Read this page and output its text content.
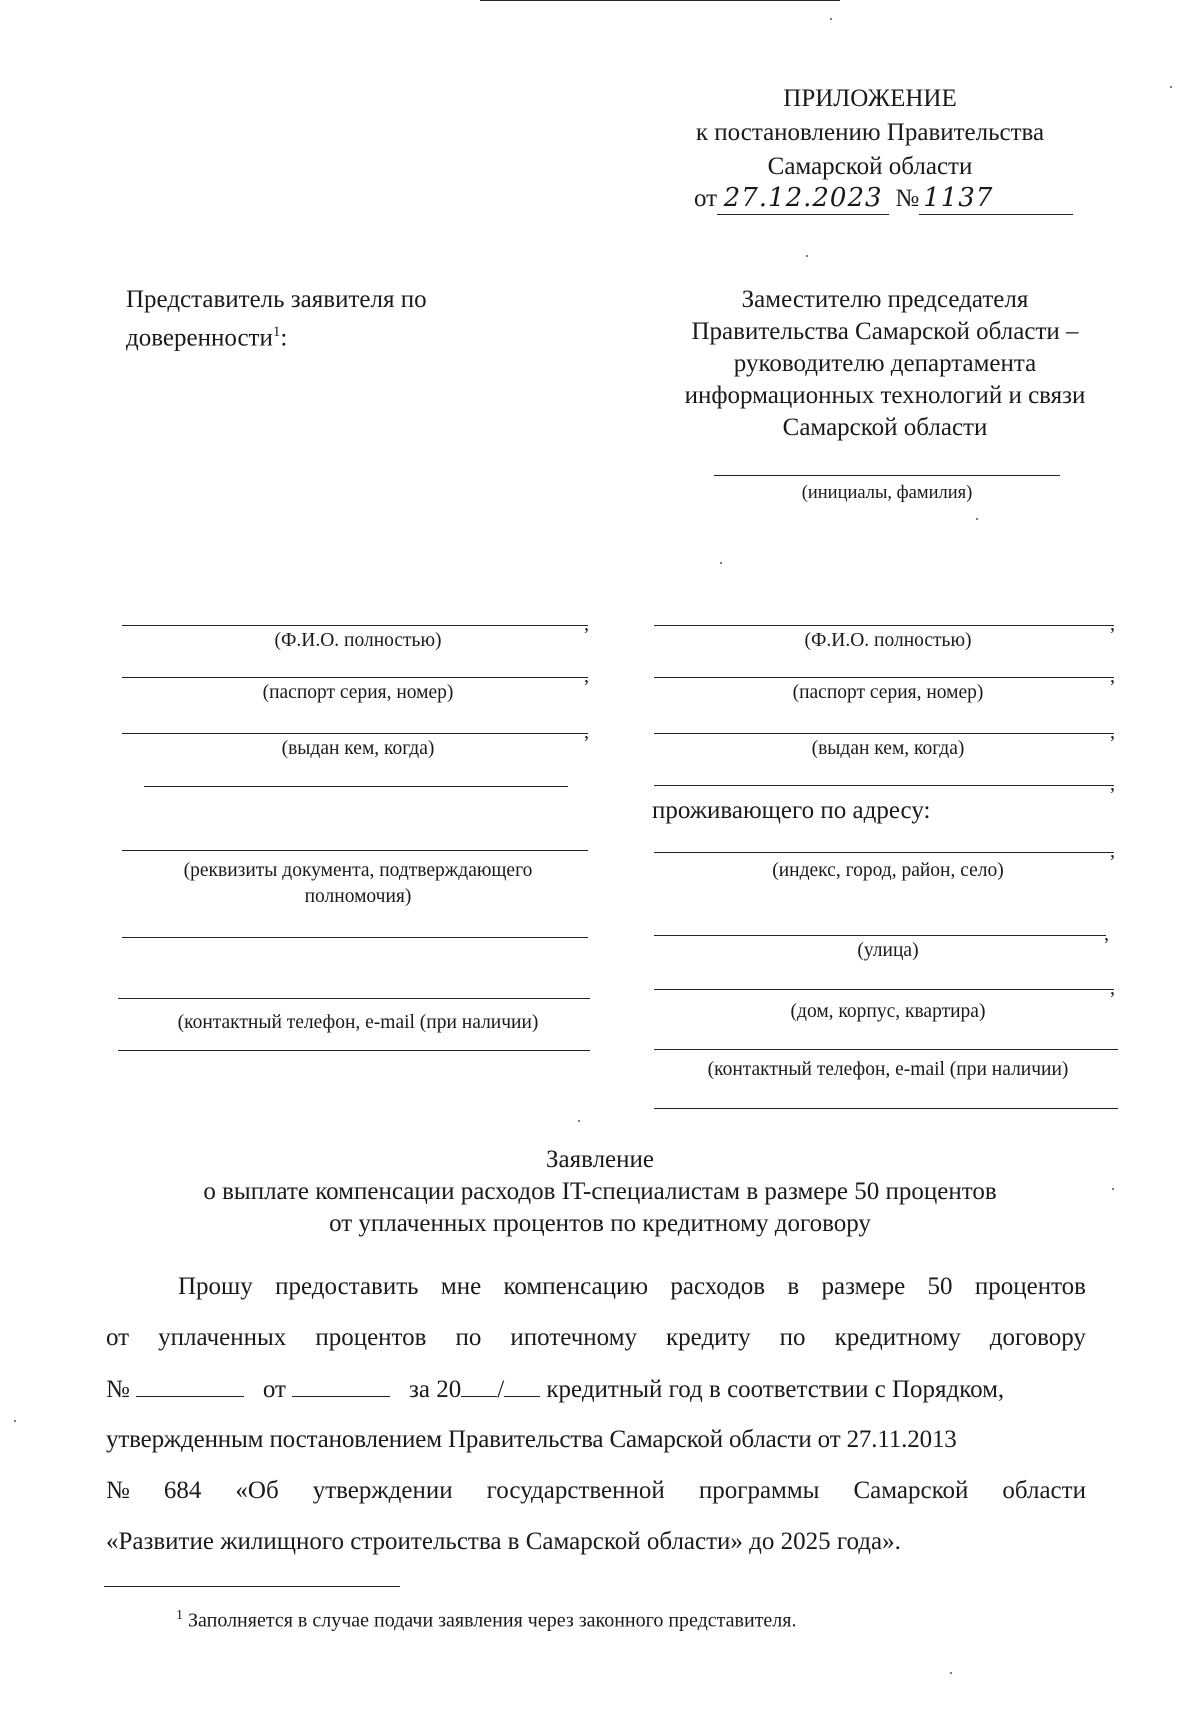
ПРИЛОЖЕНИЕ
к постановлению Правительства
Самарской области
от 27.12.2023 № 1137
Представитель заявителя по
доверенности$^1$:
Заместителю председателя
Правительства Самарской области –
руководителю департамента
информационных технологий и связи
Самарской области
(инициалы, фамилия)
,
(Ф.И.О. полностью)
,
(паспорт серия, номер)
,
(выдан кем, когда)
(реквизиты документа, подтверждающего
полномочия)
(контактный телефон, e-mail (при наличии)
,
(Ф.И.О. полностью)
,
(паспорт серия, номер)
,
(выдан кем, когда)
,
проживающего по адресу:
,
(индекс, город, район, село)
,
(улица)
,
(дом, корпус, квартира)
(контактный телефон, e-mail (при наличии)
Заявление
о выплате компенсации расходов IT-специалистам в размере 50 процентов
от уплаченных процентов по кредитному договору
Прошу предоставить мне компенсацию расходов в размере 50 процентов
от уплаченных процентов по ипотечному кредиту по кредитному договору
№	от	за 20 / кредитный год в соответствии с Порядком,
утвержденным постановлением Правительства Самарской области от 27.11.2013
№ 684 «Об утверждении государственной программы Самарской области
«Развитие жилищного строительства в Самарской области» до 2025 года».
$^1$ Заполняется в случае подачи заявления через законного представителя.
